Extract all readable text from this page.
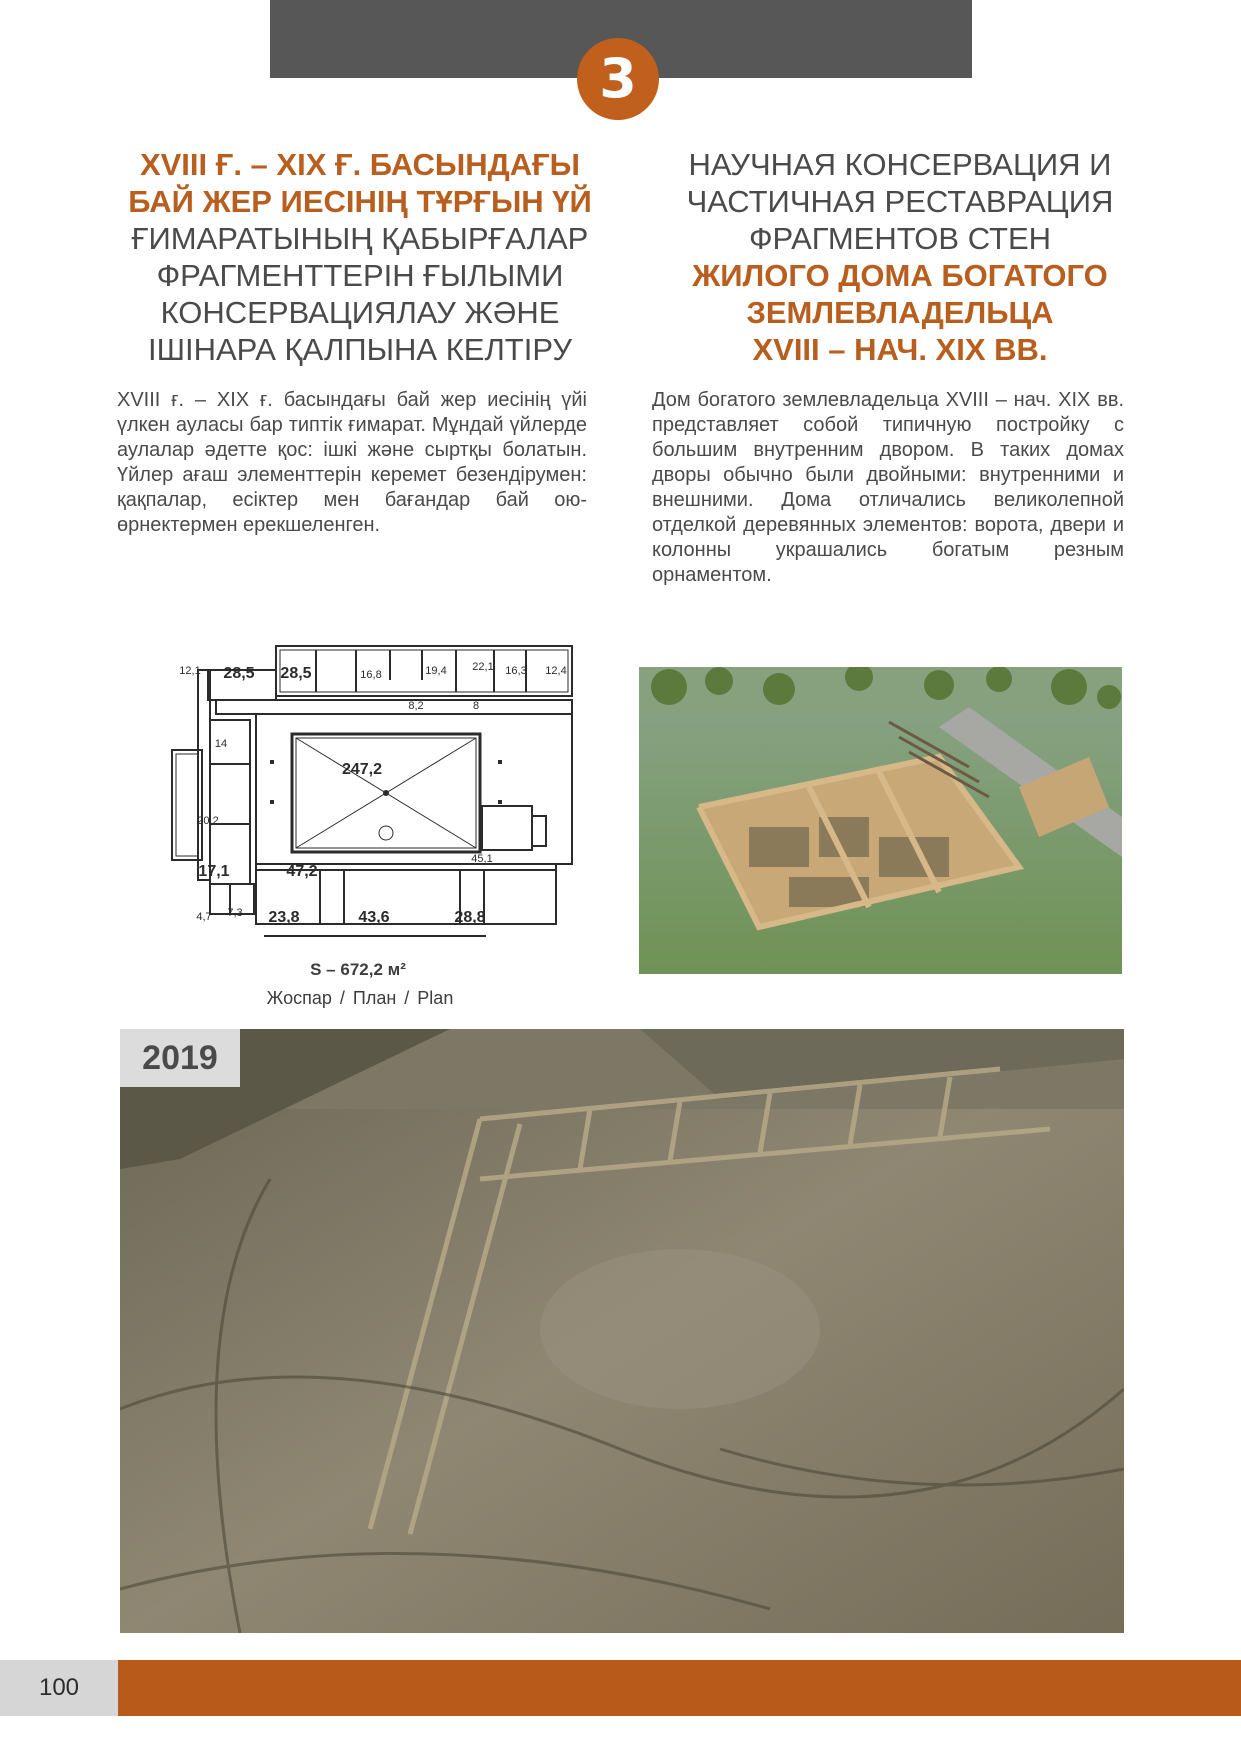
3
XVIII Ғ. – XIX Ғ. БАСЫНДАҒЫ
БАЙ ЖЕР ИЕСІНІҢ ТҰРҒЫН ҮЙ
ҒИМАРАТЫНЫҢ ҚАБЫРҒАЛАР
ФРАГМЕНТТЕРІН ҒЫЛЫМИ
КОНСЕРВАЦИЯЛАУ ЖӘНЕ
ІШІНАРА ҚАЛПЫНА КЕЛТІРУ
НАУЧНАЯ КОНСЕРВАЦИЯ И
ЧАСТИЧНАЯ РЕСТАВРАЦИЯ
ФРАГМЕНТОВ СТЕН
ЖИЛОГО ДОМА БОГАТОГО
ЗЕМЛЕВЛАДЕЛЬЦА
XVIII – НАЧ. XIX ВВ.

XVIII ғ. – XIX ғ. басындағы бай жер иесінің үйі үлкен ауласы бар типтік ғимарат. Мұндай үйлерде аулалар әдетте қос: ішкі және сыртқы болатын. Үйлер ағаш элементтерін керемет безендірумен: қақпалар, есіктер мен бағандар бай ою-өрнектермен ерекшеленген.

Дом богатого землевладельца XVIII – нач. XIX вв. представляет собой типичную постройку с большим внутренним двором. В таких домах дворы обычно были двойными: внутренними и внешними. Дома отличались великолепной отделкой деревянных элементов: ворота, двери и колонны украшались богатым резным орнаментом.

12,1 28,5 28,5	16,8	19,4 22,1 16,3 12,4
8,2	8
14
247,2
20,2
17,1	47,2
45,1
4,7 7,3 23,8	43,6	28,8
S – 672,2 м²
Жоспар / План / Plan
2019
100
